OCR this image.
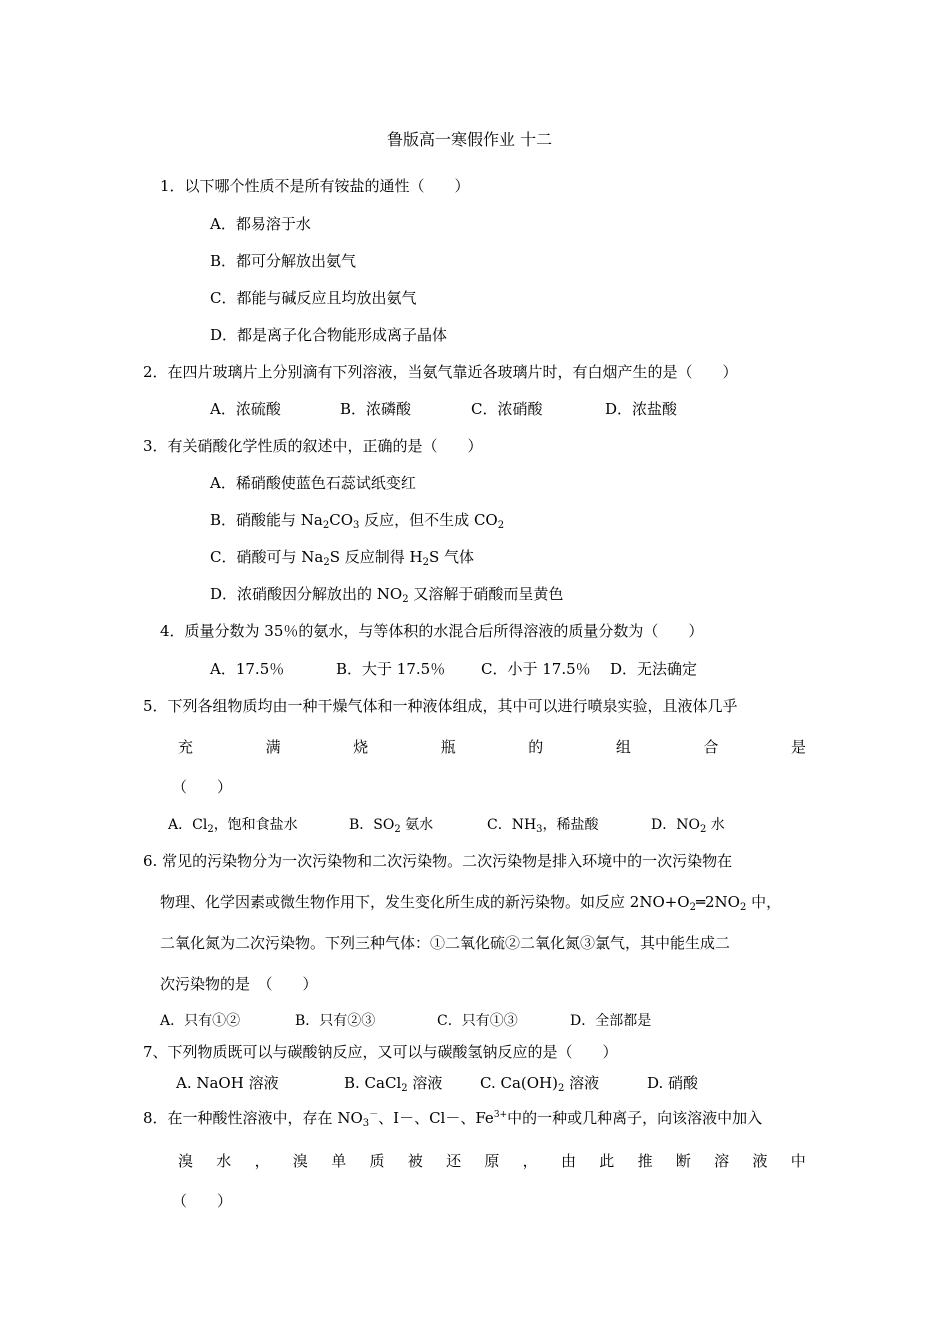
鲁版高一寒假作业 十二
1．以下哪个性质不是所有铵盐的通性（　　）
A．都易溶于水
B．都可分解放出氨气
C．都能与碱反应且均放出氨气
D．都是离子化合物能形成离子晶体
2．在四片玻璃片上分别滴有下列溶液，当氨气靠近各玻璃片时，有白烟产生的是（　　）
A．浓硫酸	B．浓磷酸	C．浓硝酸	D．浓盐酸
3．有关硝酸化学性质的叙述中，正确的是（　　）
A．稀硝酸使蓝色石蕊试纸变红
B．硝酸能与 $Na_2CO_3$ 反应，但不生成 $CO_2$
C．硝酸可与 $Na_2S$ 反应制得 $H_2S$ 气体
D．浓硝酸因分解放出的 $NO_2$ 又溶解于硝酸而呈黄色
4．质量分数为 35％的氨水，与等体积的水混合后所得溶液的质量分数为（　　）
A．17.5％	B．大于 17.5％ C．小于 17.5％ D．无法确定
5．下列各组物质均由一种干燥气体和一种液体组成，其中可以进行喷泉实验，且液体几乎
充	满	烧	瓶	的	组	合	是
（　　）
A．$Cl_2$，饱和食盐水	B．$SO_2$ 氨水	C．$NH_3$，稀盐酸	D．$NO_2$ 水
6. 常见的污染物分为一次污染物和二次污染物。二次污染物是排入环境中的一次污染物在
物理、化学因素或微生物作用下，发生变化所生成的新污染物。如反应 $2NO+O_2═2NO_2$ 中，
二氧化氮为二次污染物。下列三种气体：①二氧化硫②二氧化氮③氯气，其中能生成二
次污染物的是　（　　）
A．只有①②	B．只有②③	C．只有①③	D．全部都是
7、下列物质既可以与碳酸钠反应，又可以与碳酸氢钠反应的是（　　）
A. NaOH 溶液	B. CaCl$_2$ 溶液	C. $Ca(OH)_2$ 溶液	D. 硝酸
8．在一种酸性溶液中，存在 $NO_3^-$、I－、Cl－、$Fe^{3+}$中的一种或几种离子，向该溶液中加入
溴 水 ， 溴 单 质 被 还 原 ， 由 此 推 断 溶 液 中
（　　）
